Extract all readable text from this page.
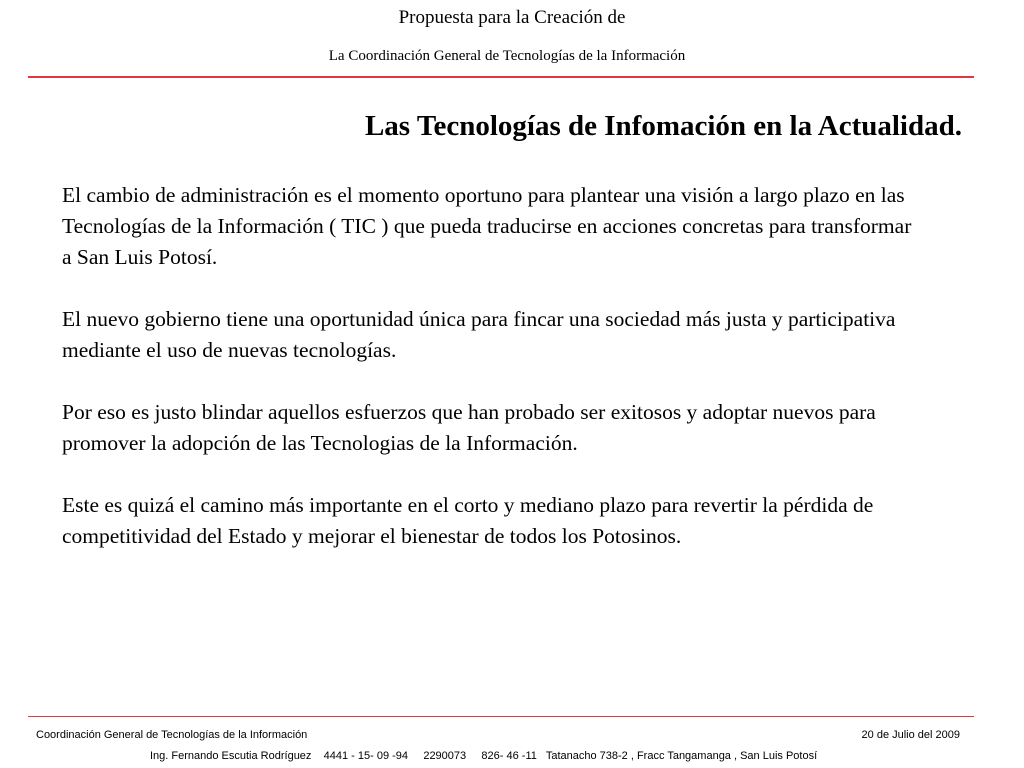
Propuesta para la Creación de
La Coordinación General de Tecnologías de la Información
Las Tecnologías de Infomación en la Actualidad.

El cambio de administración es el momento oportuno para plantear una visión a largo plazo en las Tecnologías de la Información ( TIC ) que pueda traducirse en acciones concretas para transformar a San Luis Potosí.

El nuevo gobierno tiene una oportunidad única para fincar una sociedad más justa y participativa mediante el uso de nuevas tecnologías.

Por eso es justo blindar aquellos esfuerzos que han probado ser exitosos y adoptar nuevos para promover la adopción de las Tecnologias de la Información.

Este es quizá el camino más importante en el corto y mediano plazo para revertir la pérdida de competitividad del Estado y mejorar el bienestar de todos los Potosinos.

Coordinación General de Tecnologías de la Información	20 de Julio del 2009
Ing. Fernando Escutia Rodríguez    4441 - 15- 09 -94     2290073     826- 46 -11   Tatanacho 738-2 , Fracc Tangamanga , San Luis Potosí
